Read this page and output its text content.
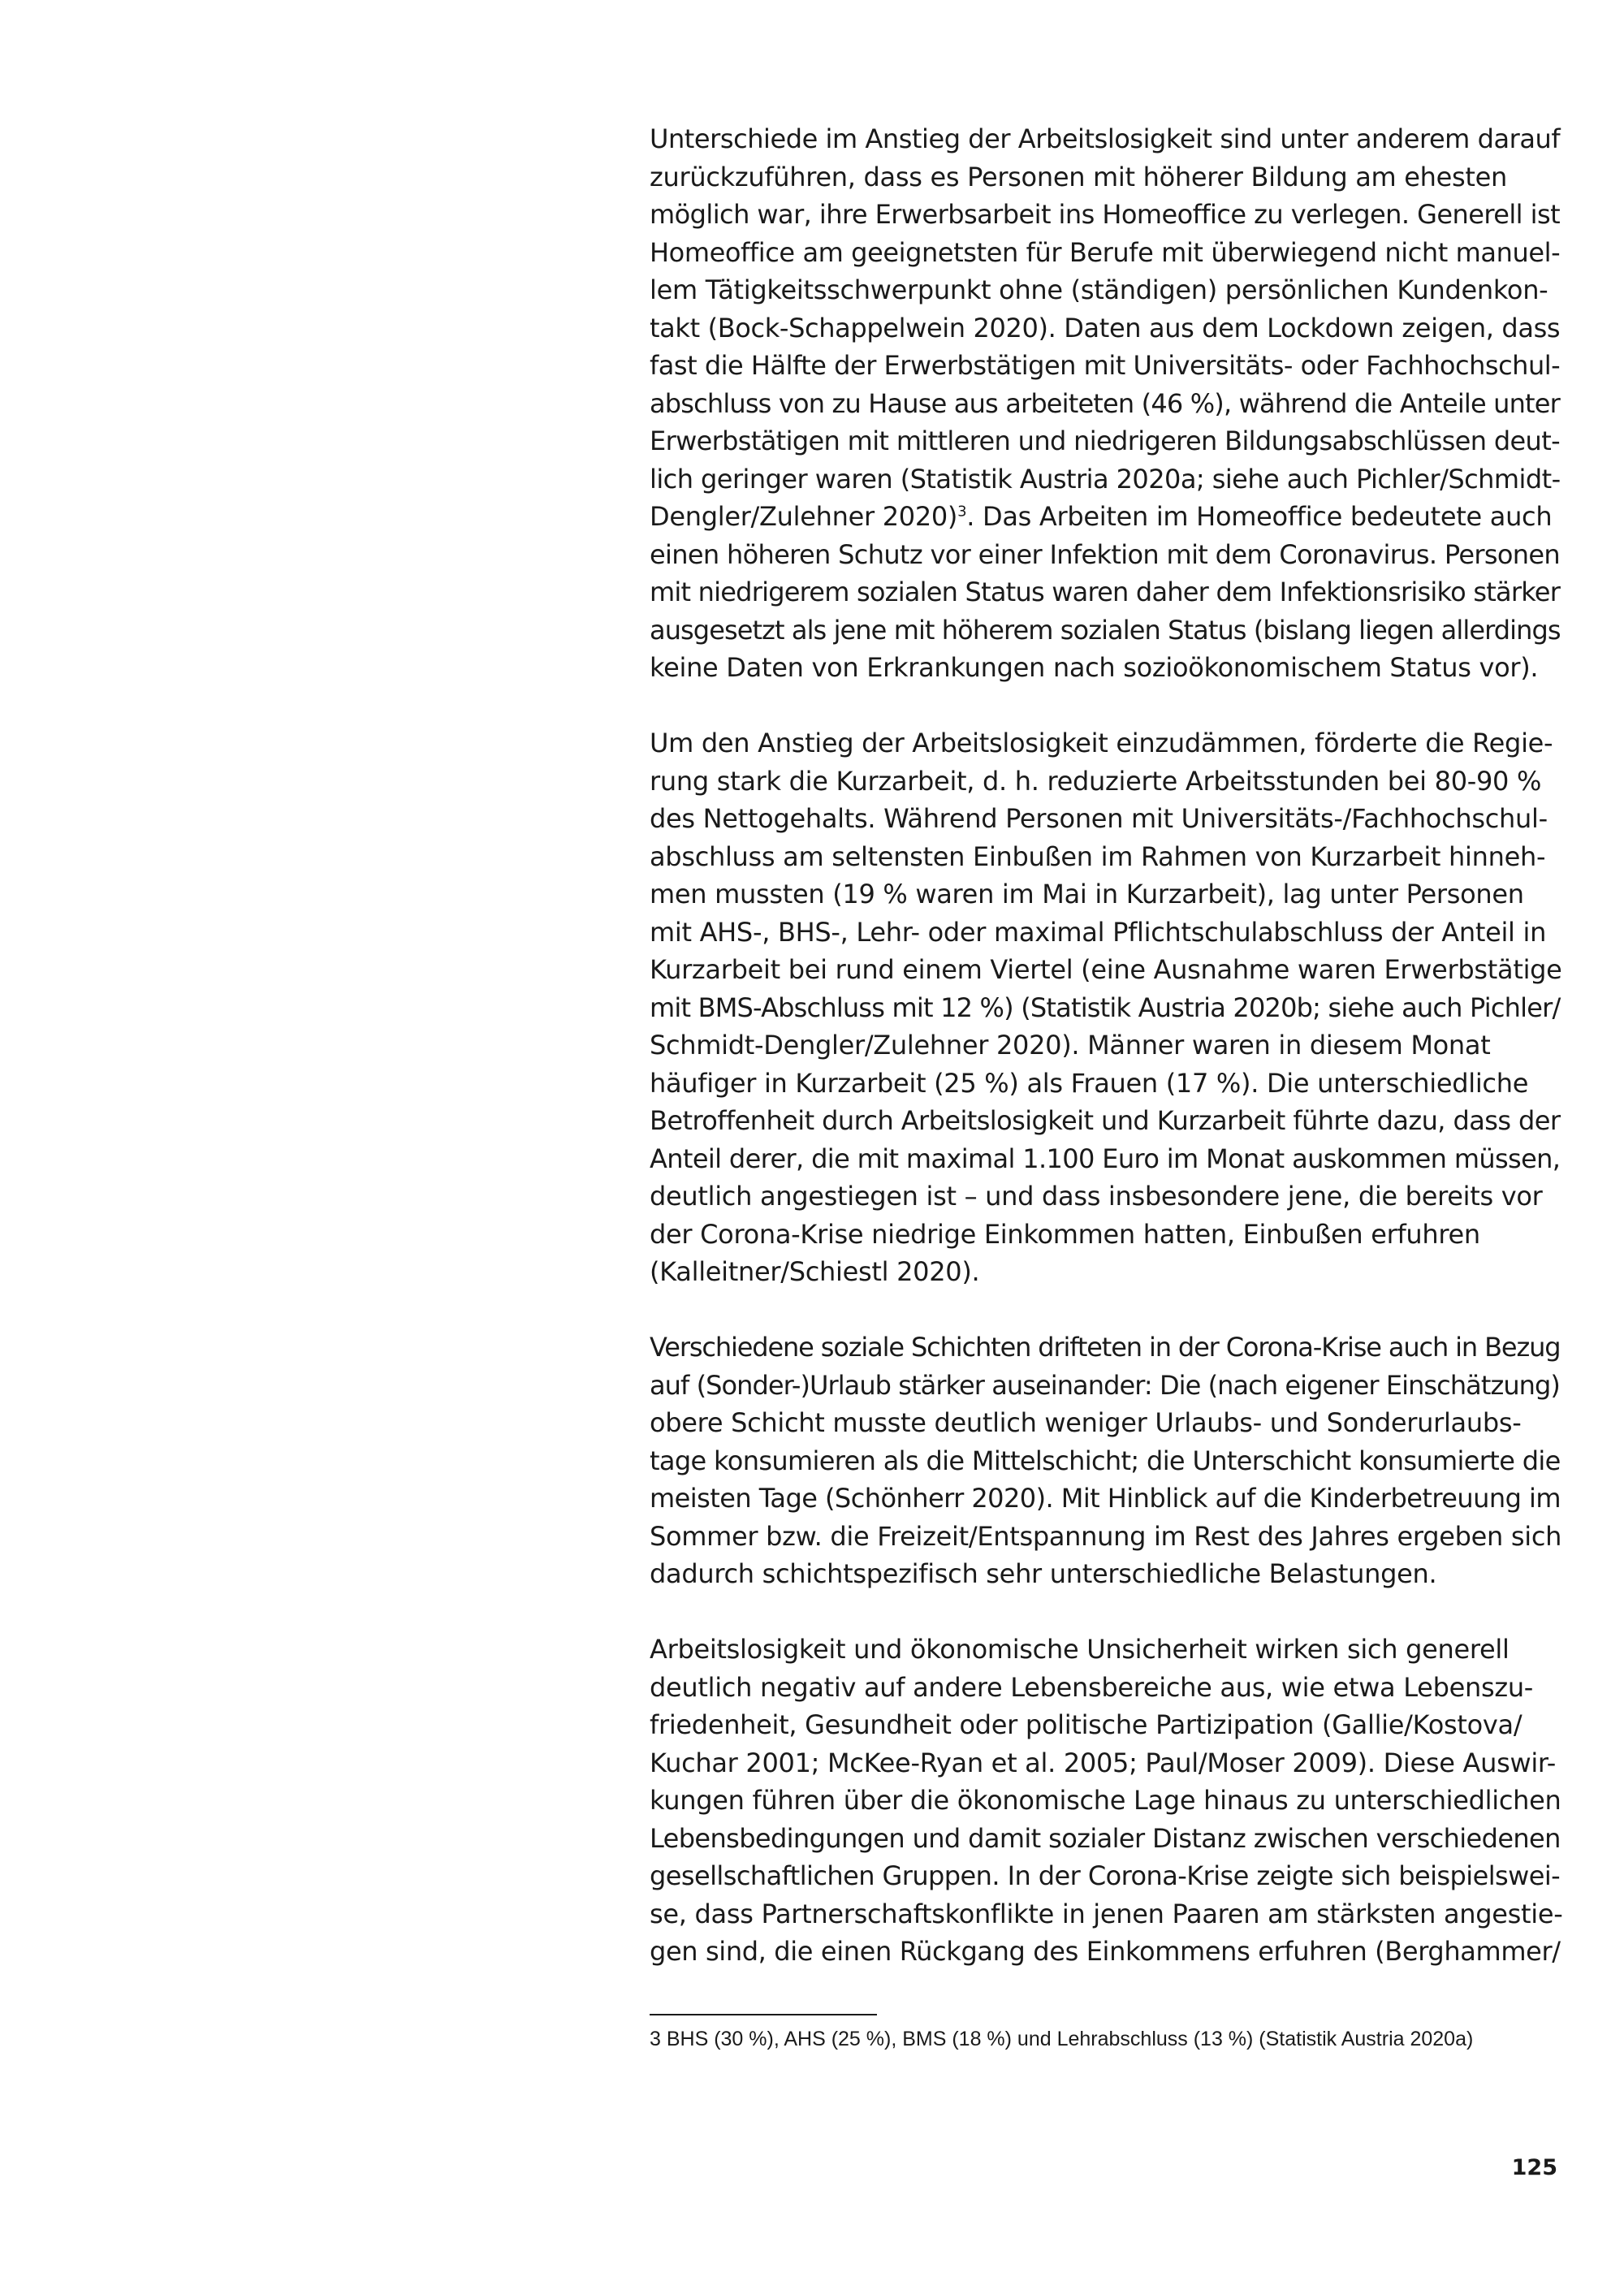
Unterschiede im Anstieg der Arbeitslosigkeit sind unter anderem darauf
zurückzuführen, dass es Personen mit höherer Bildung am ehesten
möglich war, ihre Erwerbsarbeit ins Homeoffice zu verlegen. Generell ist
Homeoffice am geeignetsten für Berufe mit überwiegend nicht manuel-
lem Tätigkeitsschwerpunkt ohne (ständigen) persönlichen Kundenkon-
takt (Bock-Schappelwein 2020). Daten aus dem Lockdown zeigen, dass
fast die Hälfte der Erwerbstätigen mit Universitäts- oder Fachhochschul-
abschluss von zu Hause aus arbeiteten (46 %), während die Anteile unter
Erwerbstätigen mit mittleren und niedrigeren Bildungsabschlüssen deut-
lich geringer waren (Statistik Austria 2020a; siehe auch Pichler/Schmidt-
Dengler/Zulehner 2020)$^3$. Das Arbeiten im Homeoffice bedeutete auch
einen höheren Schutz vor einer Infektion mit dem Coronavirus. Personen
mit niedrigerem sozialen Status waren daher dem Infektionsrisiko stärker
ausgesetzt als jene mit höherem sozialen Status (bislang liegen allerdings
keine Daten von Erkrankungen nach sozioökonomischem Status vor).
Um den Anstieg der Arbeitslosigkeit einzudämmen, förderte die Regie-
rung stark die Kurzarbeit, d. h. reduzierte Arbeitsstunden bei 80-90 %
des Nettogehalts. Während Personen mit Universitäts-/Fachhochschul-
abschluss am seltensten Einbußen im Rahmen von Kurzarbeit hinneh-
men mussten (19 % waren im Mai in Kurzarbeit), lag unter Personen
mit AHS-, BHS-, Lehr- oder maximal Pflichtschulabschluss der Anteil in
Kurzarbeit bei rund einem Viertel (eine Ausnahme waren Erwerbstätige
mit BMS-Abschluss mit 12 %) (Statistik Austria 2020b; siehe auch Pichler/
Schmidt-Dengler/Zulehner 2020). Männer waren in diesem Monat
häufiger in Kurzarbeit (25 %) als Frauen (17 %). Die unterschiedliche
Betroffenheit durch Arbeitslosigkeit und Kurzarbeit führte dazu, dass der
Anteil derer, die mit maximal 1.100 Euro im Monat auskommen müssen,
deutlich angestiegen ist – und dass insbesondere jene, die bereits vor
der Corona-Krise niedrige Einkommen hatten, Einbußen erfuhren
(Kalleitner/Schiestl 2020).
Verschiedene soziale Schichten drifteten in der Corona-Krise auch in Bezug
auf (Sonder-)Urlaub stärker auseinander: Die (nach eigener Einschätzung)
obere Schicht musste deutlich weniger Urlaubs- und Sonderurlaubs-
tage konsumieren als die Mittelschicht; die Unterschicht konsumierte die
meisten Tage (Schönherr 2020). Mit Hinblick auf die Kinderbetreuung im
Sommer bzw. die Freizeit/Entspannung im Rest des Jahres ergeben sich
dadurch schichtspezifisch sehr unterschiedliche Belastungen.
Arbeitslosigkeit und ökonomische Unsicherheit wirken sich generell
deutlich negativ auf andere Lebensbereiche aus, wie etwa Lebenszu-
friedenheit, Gesundheit oder politische Partizipation (Gallie/Kostova/
Kuchar 2001; McKee-Ryan et al. 2005; Paul/Moser 2009). Diese Auswir-
kungen führen über die ökonomische Lage hinaus zu unterschiedlichen
Lebensbedingungen und damit sozialer Distanz zwischen verschiedenen
gesellschaftlichen Gruppen. In der Corona-Krise zeigte sich beispielswei-
se, dass Partnerschaftskonflikte in jenen Paaren am stärksten angestie-
gen sind, die einen Rückgang des Einkommens erfuhren (Berghammer/
3 BHS (30 %), AHS (25 %), BMS (18 %) und Lehrabschluss (13 %) (Statistik Austria 2020a)
125
